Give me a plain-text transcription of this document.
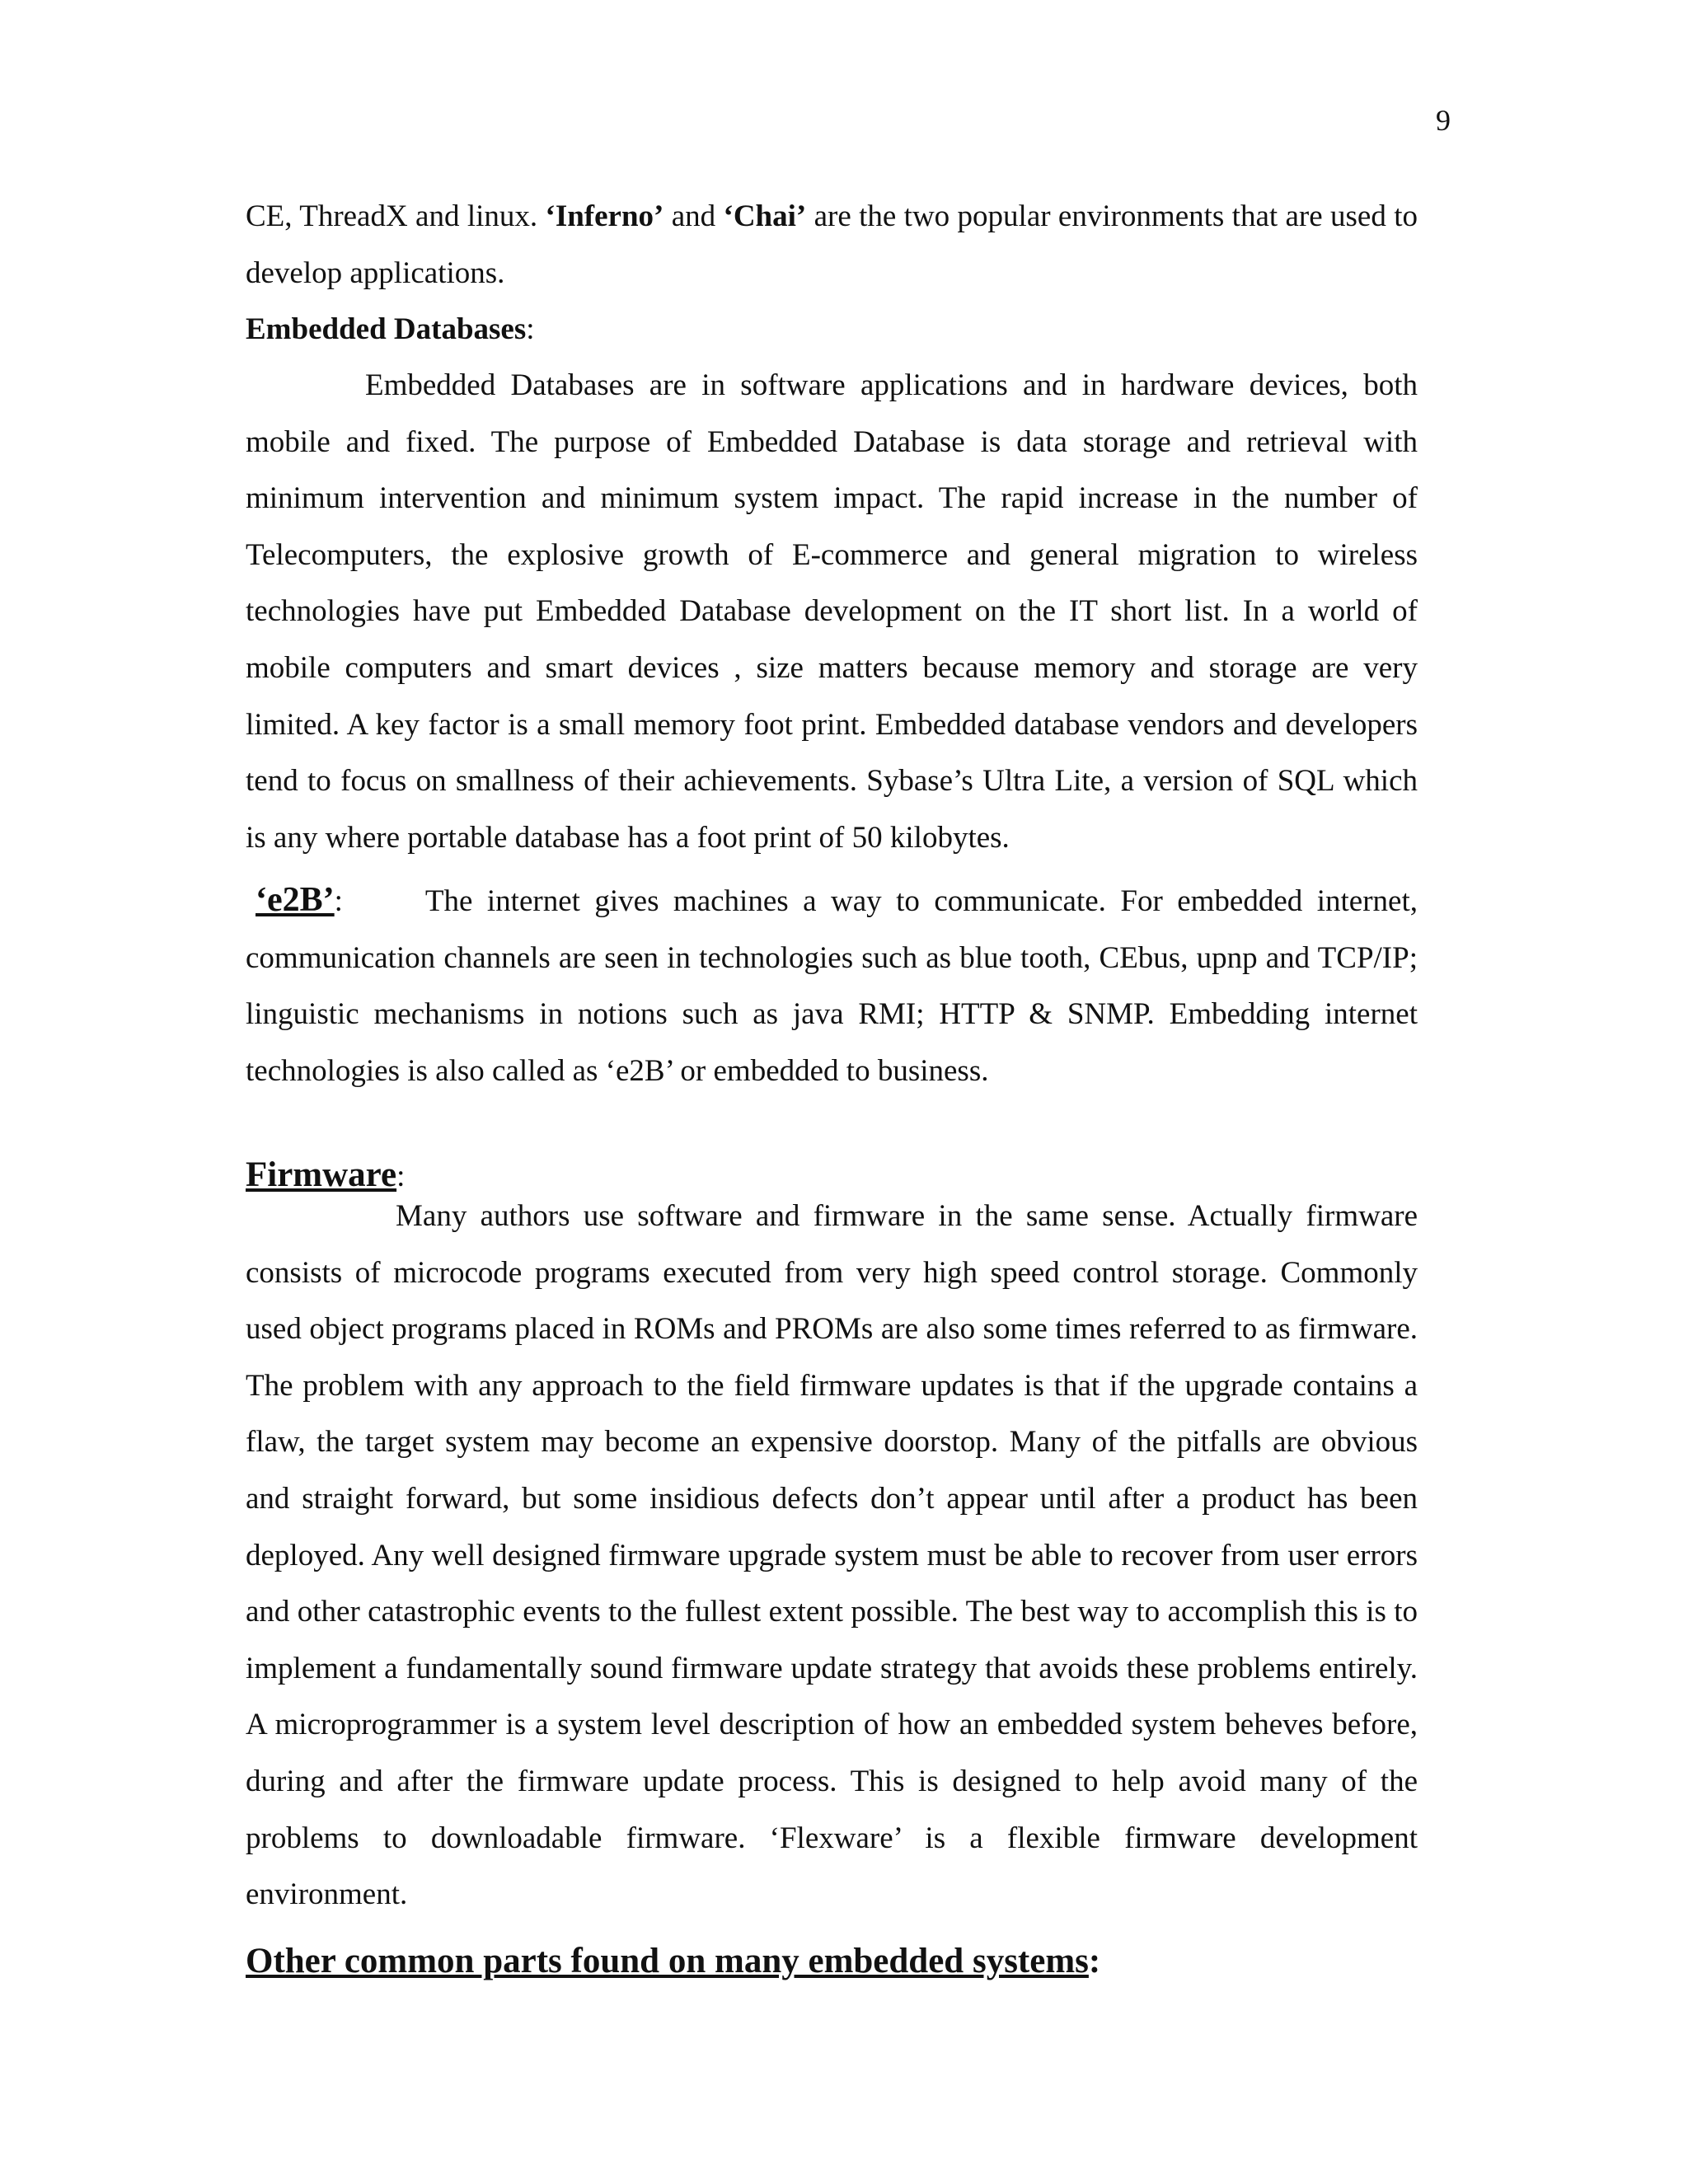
9

CE, ThreadX and linux. ‘Inferno’ and ‘Chai’ are the two popular environments that are used to develop applications.

Embedded Databases:

Embedded Databases are in software applications and in hardware devices, both mobile and fixed. The purpose of Embedded Database is data storage and retrieval with minimum intervention and minimum system impact. The rapid increase in the number of Telecomputers, the explosive growth of E-commerce and general migration to wireless technologies have put Embedded Database development on the IT short list. In a world of mobile computers and smart devices , size matters because memory and storage are very limited. A key factor is a small memory foot print. Embedded database vendors and developers tend to focus on smallness of their achievements. Sybase’s Ultra Lite, a version of SQL which is any where portable database has a foot print of 50 kilobytes.

‘e2B’:	The internet gives machines a way to communicate. For embedded internet, communication channels are seen in technologies such as blue tooth, CEbus, upnp and TCP/IP; linguistic mechanisms in notions such as java RMI; HTTP & SNMP. Embedding internet technologies is also called as ‘e2B’ or embedded to business.

Firmware:

Many authors use software and firmware in the same sense. Actually firmware consists of microcode programs executed from very high speed control storage. Commonly used object programs placed in ROMs and PROMs are also some times referred to as firmware. The problem with any approach to the field firmware updates is that if the upgrade contains a flaw, the target system may become an expensive doorstop. Many of the pitfalls are obvious and straight forward, but some insidious defects don’t appear until after a product has been deployed. Any well designed firmware upgrade system must be able to recover from user errors and other catastrophic events to the fullest extent possible. The best way to accomplish this is to implement a fundamentally sound firmware update strategy that avoids these problems entirely. A microprogrammer is a system level description of how an embedded system beheves before, during and after the firmware update process. This is designed to help avoid many of the problems to downloadable firmware. ‘Flexware’ is a flexible firmware development environment.

Other common parts found on many embedded systems:
